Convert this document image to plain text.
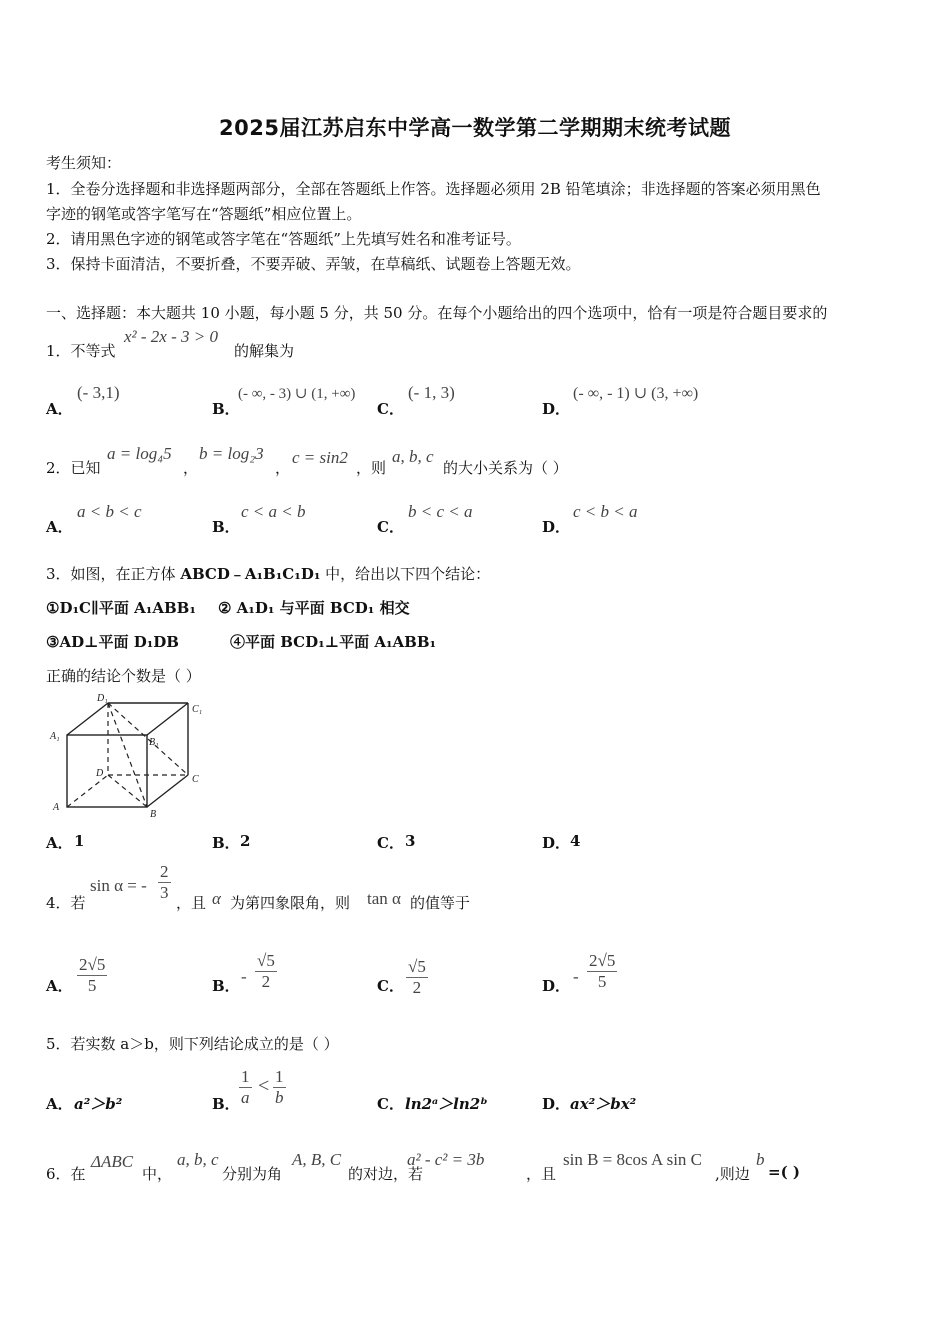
2025届江苏启东中学高一数学第二学期期末统考试题
考生须知：
1．全卷分选择题和非选择题两部分，全部在答题纸上作答。选择题必须用 2B 铅笔填涂；非选择题的答案必须用黑色
字迹的钢笔或答字笔写在“答题纸”相应位置上。
2．请用黑色字迹的钢笔或答字笔在“答题纸”上先填写姓名和准考证号。
3．保持卡面清洁，不要折叠，不要弄破、弄皱，在草稿纸、试题卷上答题无效。
一、选择题：本大题共 10 小题，每小题 5 分，共 50 分。在每个小题给出的四个选项中，恰有一项是符合题目要求的
1．不等式
x² - 2x - 3 > 0
的解集为
A．
(- 3,1)
B．
(- ∞, - 3) ∪ (1, +∞)
C．
(- 1, 3)
D．
(- ∞, - 1) ∪ (3, +∞)
2．已知
a = log₄5
，
b = log₂3
，
c = sin2
，则
a, b, c
的大小关系为（ ）
A．
a < b < c
B．
c < a < b
C．
b < c < a
D．
c < b < a
3．如图，在正方体 ABCD﹣A₁B₁C₁D₁ 中，给出以下四个结论：
①D₁C∥平面 A₁ABB₁ ② A₁D₁ 与平面 BCD₁ 相交
③AD⊥平面 D₁DB	④平面 BCD₁⊥平面 A₁ABB₁
正确的结论个数是（ ）
D₁
C₁
A₁
B₁
D
C
A
B
A． 1	B． 2	C． 3	D． 4
4．若
sin α = - $\frac{2}{3}$ ，且 α 为第四象限角，则 tan α 的值等于
A． $\frac{2√5}{5}$	B． - $\frac{√5}{2}$	C． $\frac{√5}{2}$	D． - $\frac{2√5}{5}$
5．若实数 a＞b，则下列结论成立的是（ ）
A． a²＞b²	B． $\frac{1}{a} < \frac{1}{b}$	C． ln2ᵃ＞ln2ᵇ	D． ax²＞bx²
6．在
ΔABC
中，
a, b, c
分别为角
A, B, C
的对边，若
a² - c² = 3b
，且
sin B = 8cos A sin C
,则边
b
=( )
